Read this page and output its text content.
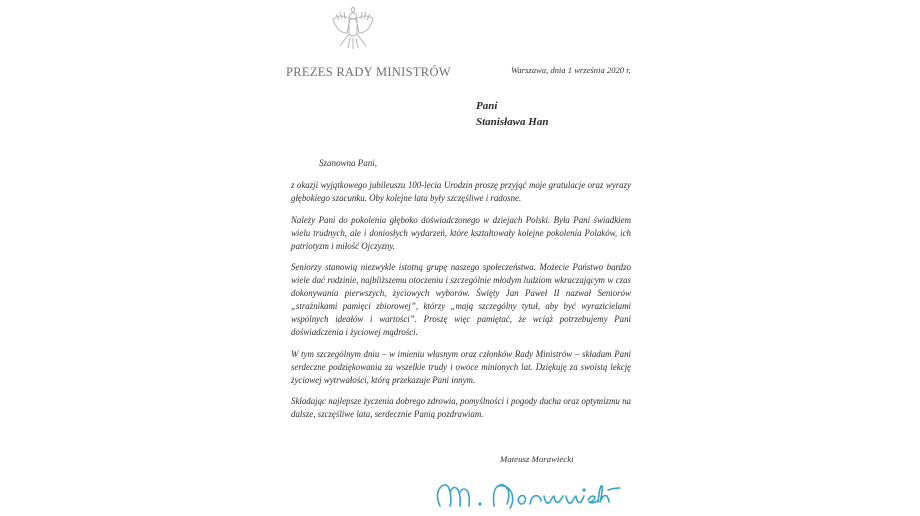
PREZES RADY MINISTRÓW	Warszawa, dnia 1 września 2020 r.
Pani
Stanisława Han
Szanowna Pani,

z okazji wyjątkowego jubileuszu 100-lecia Urodzin proszę przyjąć moje gratulacje oraz wyrazy głębokiego szacunku. Oby kolejne lata były szczęśliwe i radosne.

Należy Pani do pokolenia głęboko doświadczonego w dziejach Polski. Była Pani świadkiem wielu trudnych, ale i doniosłych wydarzeń, które kształtowały kolejne pokolenia Polaków, ich patriotyzm i miłość Ojczyzny.

Seniorzy stanowią niezwykle istotną grupę naszego społeczeństwa. Możecie Państwo bardzo wiele dać rodzinie, najbliższemu otoczeniu i szczególnie młodym ludziom wkraczającym w czas dokonywania pierwszych, życiowych wyborów. Święty Jan Paweł II nazwał Seniorów „strażnikami pamięci zbiorowej”, którzy „mają szczególny tytuł, aby być wyrazicielami wspólnych ideałów i wartości”. Proszę więc pamiętać, że wciąż potrzebujemy Pani doświadczenia i życiowej mądrości.

W tym szczególnym dniu – w imieniu własnym oraz członków Rady Ministrów – składam Pani serdeczne podziękowania za wszelkie trudy i owoce minionych lat. Dziękuję za swoistą lekcję życiowej wytrwałości, którą przekazuje Pani innym.

Składając najlepsze życzenia dobrego zdrowia, pomyślności i pogody ducha oraz optymizmu na dalsze, szczęśliwe lata, serdecznie Panią pozdrawiam.

Mateusz Morawiecki
